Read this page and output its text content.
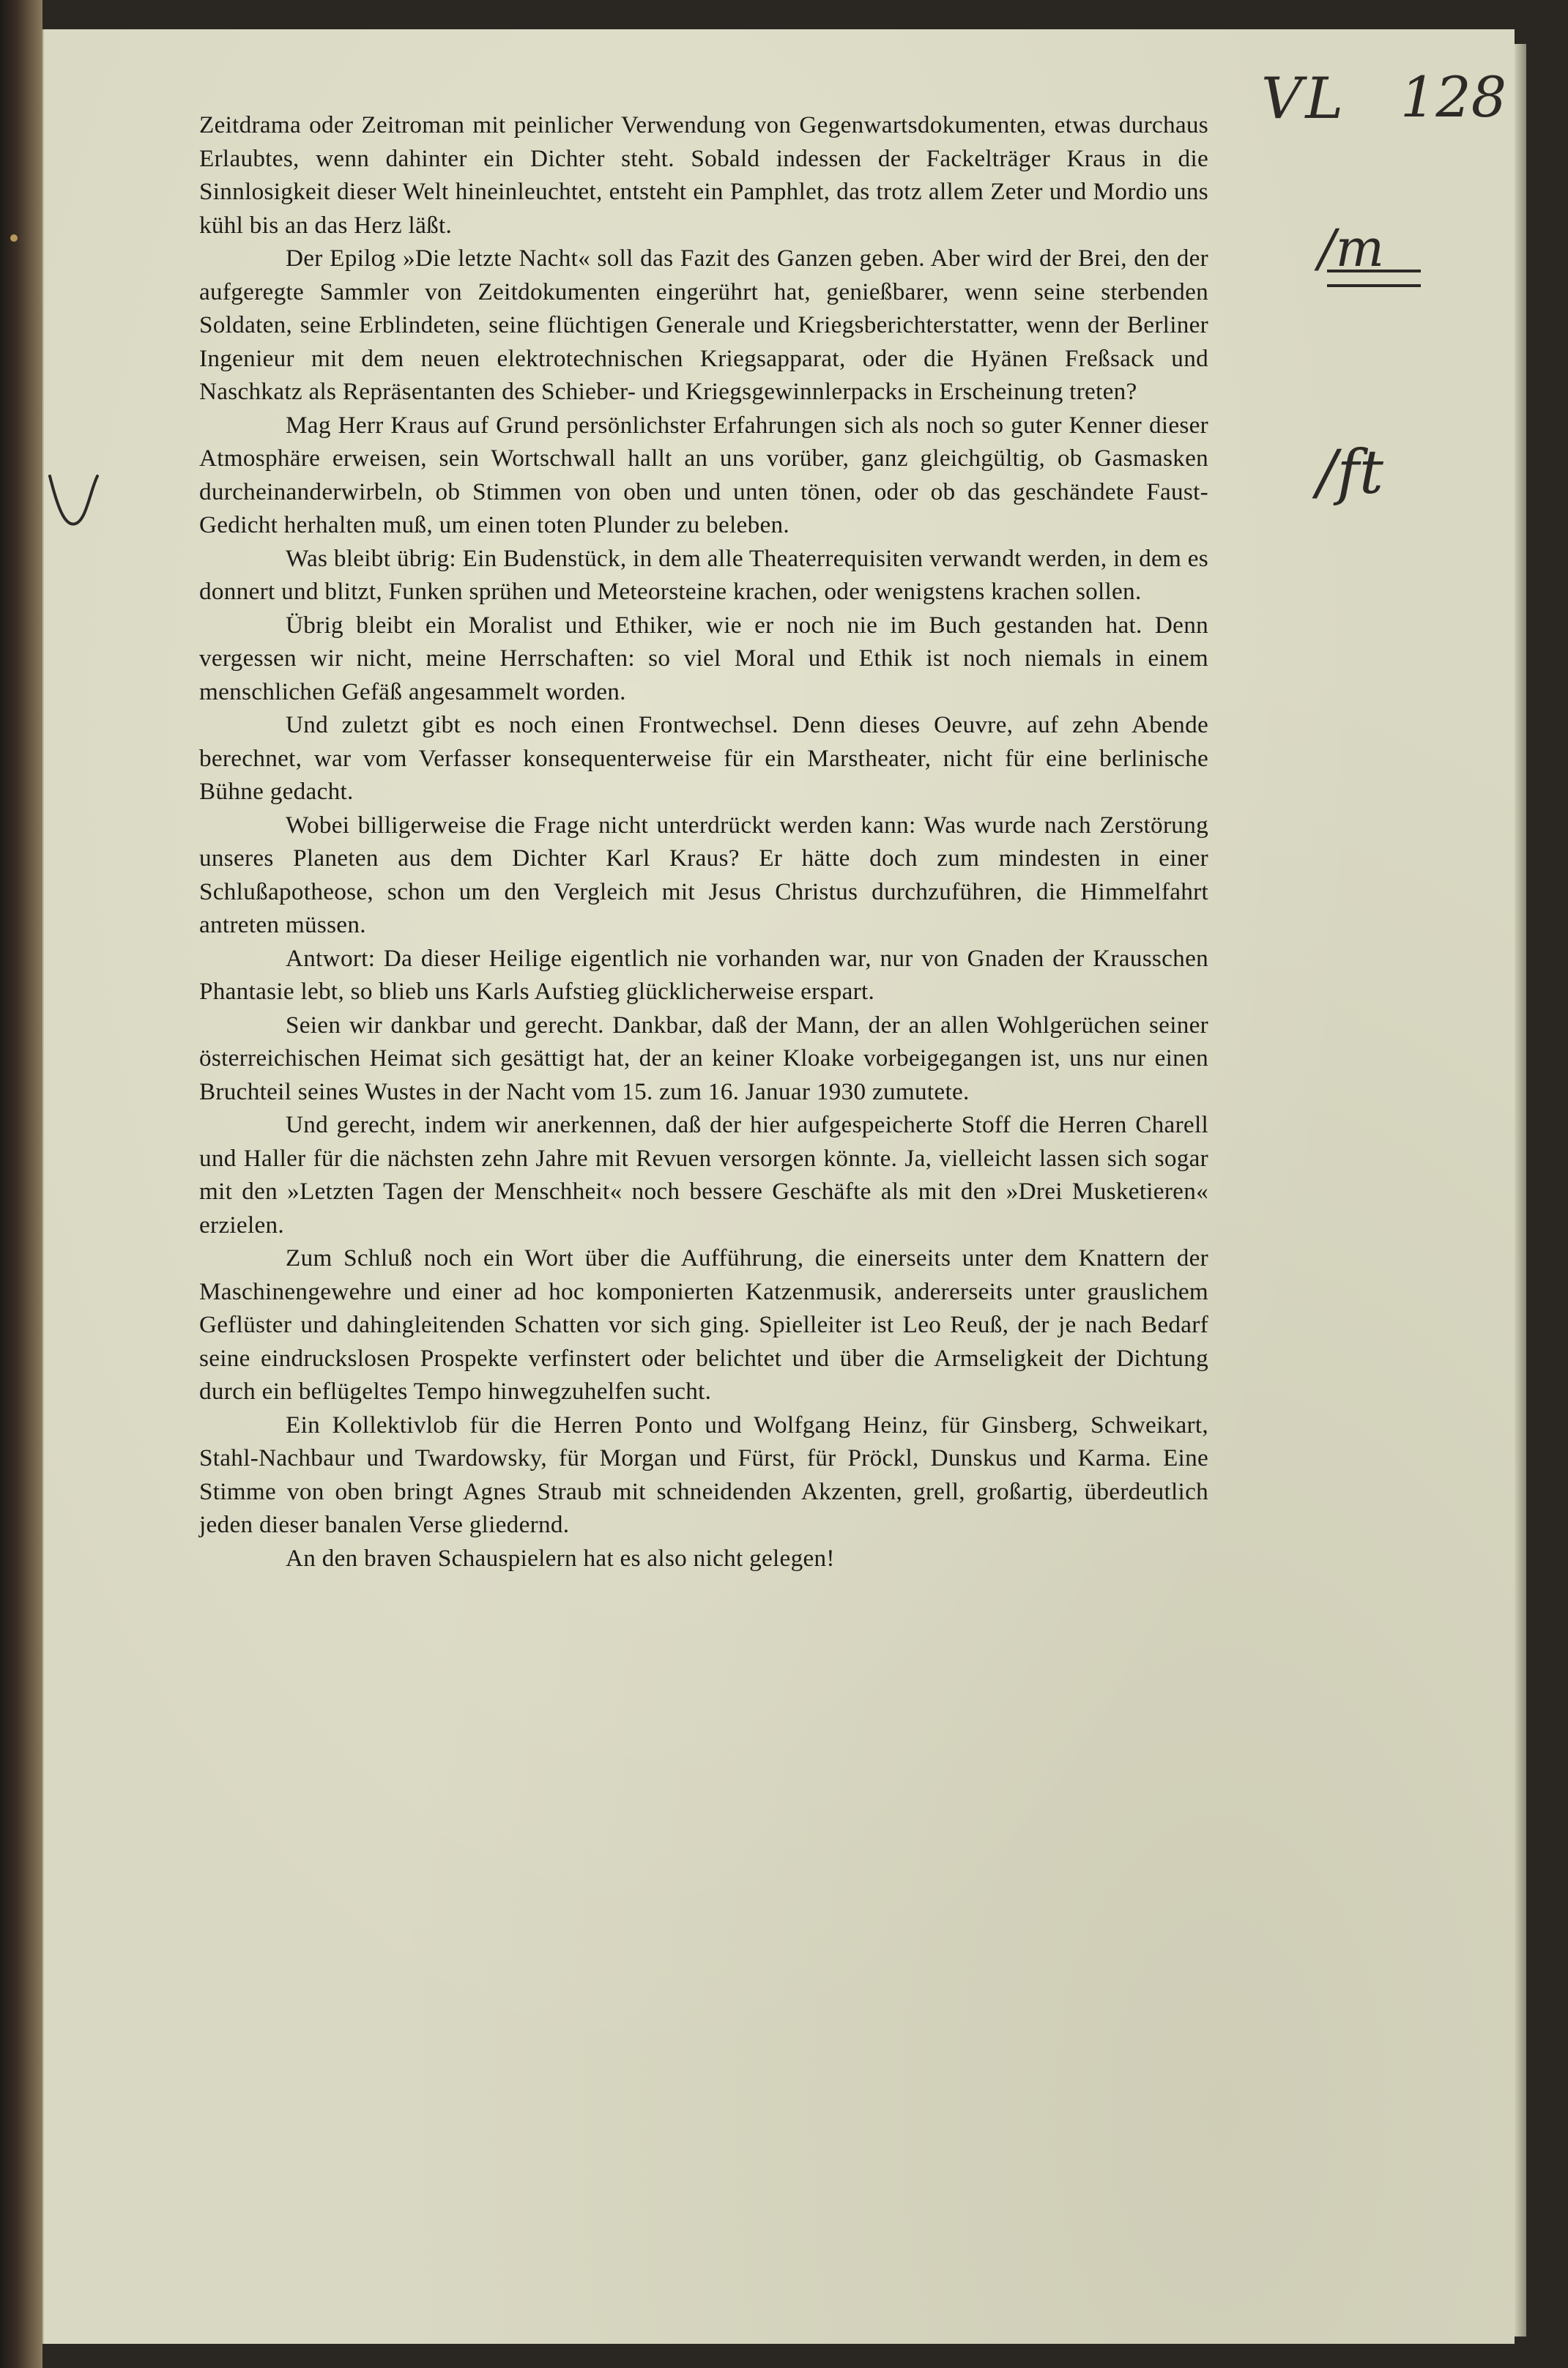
Zeitdrama oder Zeitroman mit peinlicher Verwendung von Gegenwartsdokumenten, etwas durchaus Erlaubtes, wenn dahinter ein Dichter steht. Sobald indessen der Fackelträger Kraus in die Sinnlosigkeit dieser Welt hineinleuchtet, entsteht ein Pamphlet, das trotz allem Zeter und Mordio uns kühl bis an das Herz läßt.

Der Epilog »Die letzte Nacht« soll das Fazit des Ganzen geben. Aber wird der Brei, den der aufgeregte Sammler von Zeitdokumenten eingerührt hat, genießbarer, wenn seine sterbenden Soldaten, seine Erblindeten, seine flüchtigen Generale und Kriegsberichterstatter, wenn der Berliner Ingenieur mit dem neuen elektrotechnischen Kriegsapparat, oder die Hyänen Freßsack und Naschkatz als Repräsentanten des Schieber- und Kriegsgewinnlerpacks in Erscheinung treten?

Mag Herr Kraus auf Grund persönlichster Erfahrungen sich als noch so guter Kenner dieser Atmosphäre erweisen, sein Wortschwall hallt an uns vorüber, ganz gleichgültig, ob Gasmasken durcheinanderwirbeln, ob Stimmen von oben und unten tönen, oder ob das geschändete Faust-Gedicht herhalten muß, um einen toten Plunder zu beleben.

Was bleibt übrig: Ein Budenstück, in dem alle Theaterrequisiten verwandt werden, in dem es donnert und blitzt, Funken sprühen und Meteorsteine krachen, oder wenigstens krachen sollen.

Übrig bleibt ein Moralist und Ethiker, wie er noch nie im Buch gestanden hat. Denn vergessen wir nicht, meine Herrschaften: so viel Moral und Ethik ist noch niemals in einem menschlichen Gefäß angesammelt worden.

Und zuletzt gibt es noch einen Frontwechsel. Denn dieses Oeuvre, auf zehn Abende berechnet, war vom Verfasser konsequenterweise für ein Marstheater, nicht für eine berlinische Bühne gedacht.

Wobei billigerweise die Frage nicht unterdrückt werden kann: Was wurde nach Zerstörung unseres Planeten aus dem Dichter Karl Kraus? Er hätte doch zum mindesten in einer Schlußapotheose, schon um den Vergleich mit Jesus Christus durchzuführen, die Himmelfahrt antreten müssen.

Antwort: Da dieser Heilige eigentlich nie vorhanden war, nur von Gnaden der Krausschen Phantasie lebt, so blieb uns Karls Aufstieg glücklicherweise erspart.

Seien wir dankbar und gerecht. Dankbar, daß der Mann, der an allen Wohlgerüchen seiner österreichischen Heimat sich gesättigt hat, der an keiner Kloake vorbeigegangen ist, uns nur einen Bruchteil seines Wustes in der Nacht vom 15. zum 16. Januar 1930 zumutete.

Und gerecht, indem wir anerkennen, daß der hier aufgespeicherte Stoff die Herren Charell und Haller für die nächsten zehn Jahre mit Revuen versorgen könnte. Ja, vielleicht lassen sich sogar mit den »Letzten Tagen der Menschheit« noch bessere Geschäfte als mit den »Drei Musketieren« erzielen.

Zum Schluß noch ein Wort über die Aufführung, die einerseits unter dem Knattern der Maschinengewehre und einer ad hoc komponierten Katzenmusik, andererseits unter grauslichem Geflüster und dahingleitenden Schatten vor sich ging. Spielleiter ist Leo Reuß, der je nach Bedarf seine eindruckslosen Prospekte verfinstert oder belichtet und über die Armseligkeit der Dichtung durch ein beflügeltes Tempo hinwegzuhelfen sucht.

Ein Kollektivlob für die Herren Ponto und Wolfgang Heinz, für Ginsberg, Schweikart, Stahl-Nachbaur und Twardowsky, für Morgan und Fürst, für Pröckl, Dunskus und Karma. Eine Stimme von oben bringt Agnes Straub mit schneidenden Akzenten, grell, großartig, überdeutlich jeden dieser banalen Verse gliedernd.

An den braven Schauspielern hat es also nicht gelegen!

VL 128
/m
/ft
